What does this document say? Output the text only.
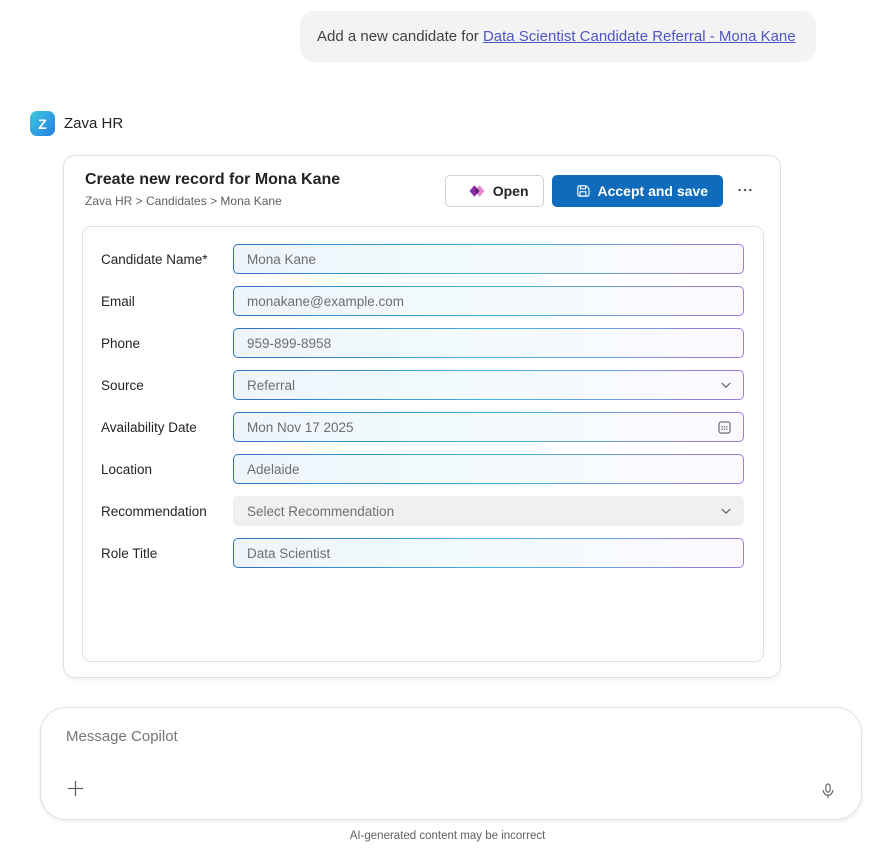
Add a new candidate for Data Scientist Candidate Referral - Mona Kane
Z	Zava HR
Create new record for Mona Kane
Zava HR > Candidates > Mona Kane
Open	Accept and save
Candidate Name*	Mona Kane
Email	monakane@example.com
Phone	959-899-8958
Source	Referral
Availability Date	Mon Nov 17 2025
Location	Adelaide
Recommendation	Select Recommendation
Role Title	Data Scientist
Message Copilot
AI-generated content may be incorrect
